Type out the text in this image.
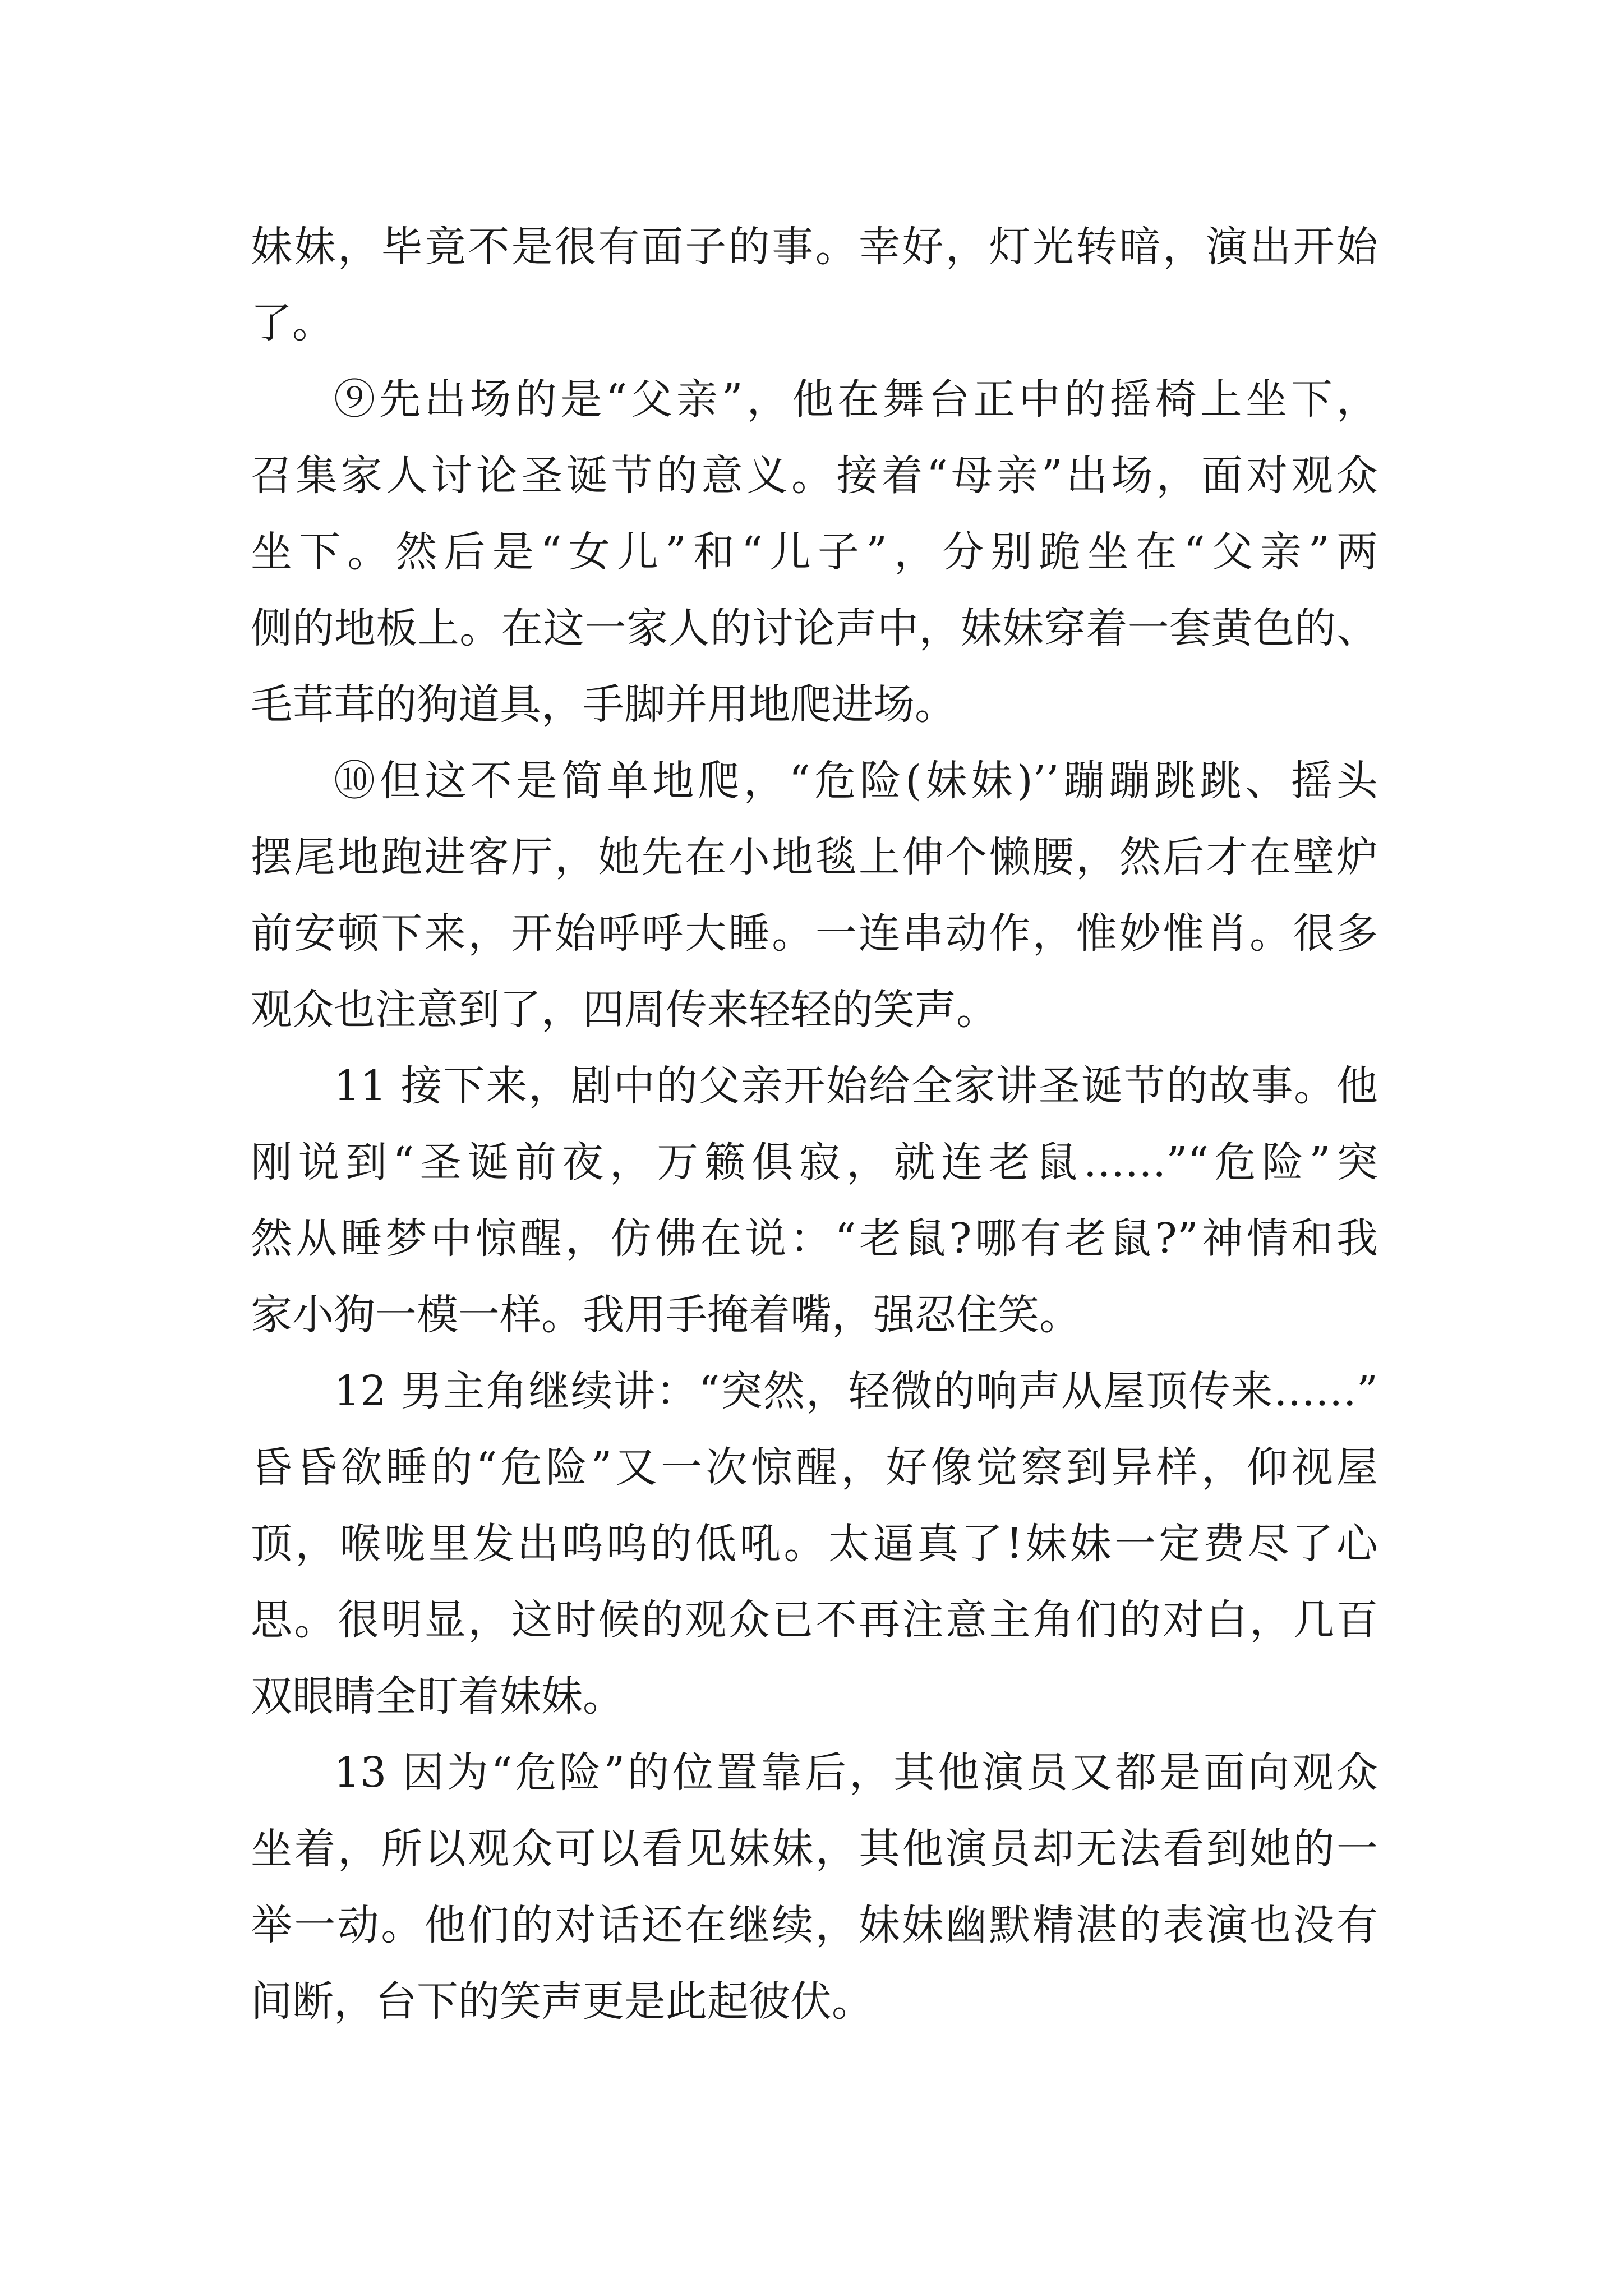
妹妹，毕竟不是很有面子的事。幸好，灯光转暗，演出开始
了。
⑨先出场的是“父亲”，他在舞台正中的摇椅上坐下，
召集家人讨论圣诞节的意义。接着“母亲”出场，面对观众
坐下。然后是“女儿”和“儿子”，分别跪坐在“父亲”两
侧的地板上。在这一家人的讨论声中，妹妹穿着一套黄色的、
毛茸茸的狗道具，手脚并用地爬进场。
⑩但这不是简单地爬，“危险(妹妹)’’蹦蹦跳跳、摇头
摆尾地跑进客厅，她先在小地毯上伸个懒腰，然后才在壁炉
前安顿下来，开始呼呼大睡。一连串动作，惟妙惟肖。很多
观众也注意到了，四周传来轻轻的笑声。
11 接下来，剧中的父亲开始给全家讲圣诞节的故事。他
刚说到“圣诞前夜，万籁俱寂，就连老鼠……”“危险”突
然从睡梦中惊醒，仿佛在说：“老鼠?哪有老鼠?”神情和我
家小狗一模一样。我用手掩着嘴，强忍住笑。
12 男主角继续讲：“突然，轻微的响声从屋顶传来……”
昏昏欲睡的“危险”又一次惊醒，好像觉察到异样，仰视屋
顶，喉咙里发出呜呜的低吼。太逼真了!妹妹一定费尽了心
思。很明显，这时候的观众已不再注意主角们的对白，几百
双眼睛全盯着妹妹。
13 因为“危险”的位置靠后，其他演员又都是面向观众
坐着，所以观众可以看见妹妹，其他演员却无法看到她的一
举一动。他们的对话还在继续，妹妹幽默精湛的表演也没有
间断，台下的笑声更是此起彼伏。
